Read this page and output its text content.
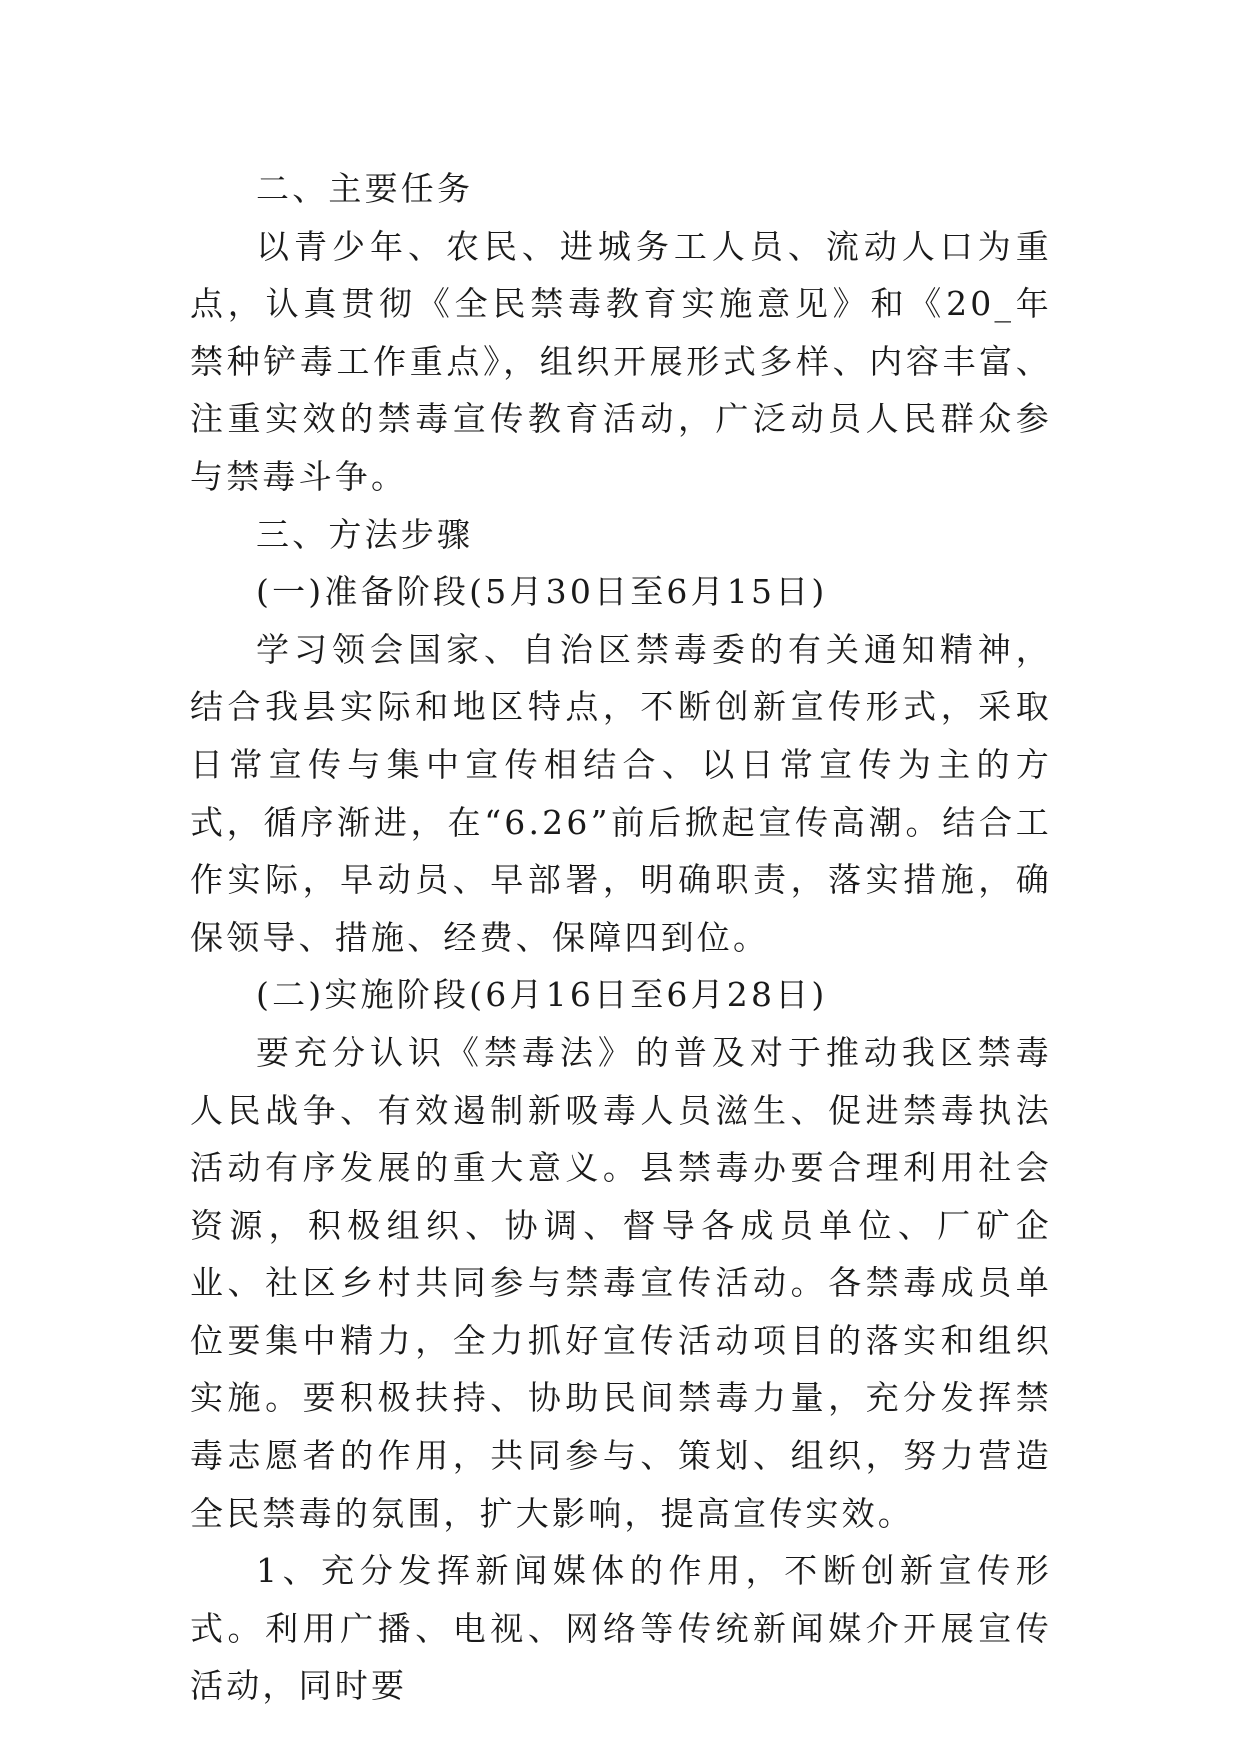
二、主要任务

以青少年、农民、进城务工人员、流动人口为重点，认真贯彻《全民禁毒教育实施意见》和《20_年禁种铲毒工作重点》，组织开展形式多样、内容丰富、注重实效的禁毒宣传教育活动，广泛动员人民群众参与禁毒斗争。

三、方法步骤

(一)准备阶段(5月30日至6月15日)

学习领会国家、自治区禁毒委的有关通知精神，结合我县实际和地区特点，不断创新宣传形式，采取日常宣传与集中宣传相结合、以日常宣传为主的方式，循序渐进，在“6.26”前后掀起宣传高潮。结合工作实际，早动员、早部署，明确职责，落实措施，确保领导、措施、经费、保障四到位。

(二)实施阶段(6月16日至6月28日)

要充分认识《禁毒法》的普及对于推动我区禁毒人民战争、有效遏制新吸毒人员滋生、促进禁毒执法活动有序发展的重大意义。县禁毒办要合理利用社会资源，积极组织、协调、督导各成员单位、厂矿企业、社区乡村共同参与禁毒宣传活动。各禁毒成员单位要集中精力，全力抓好宣传活动项目的落实和组织实施。要积极扶持、协助民间禁毒力量，充分发挥禁毒志愿者的作用，共同参与、策划、组织，努力营造全民禁毒的氛围，扩大影响，提高宣传实效。

1、充分发挥新闻媒体的作用，不断创新宣传形式。利用广播、电视、网络等传统新闻媒介开展宣传活动，同时要
